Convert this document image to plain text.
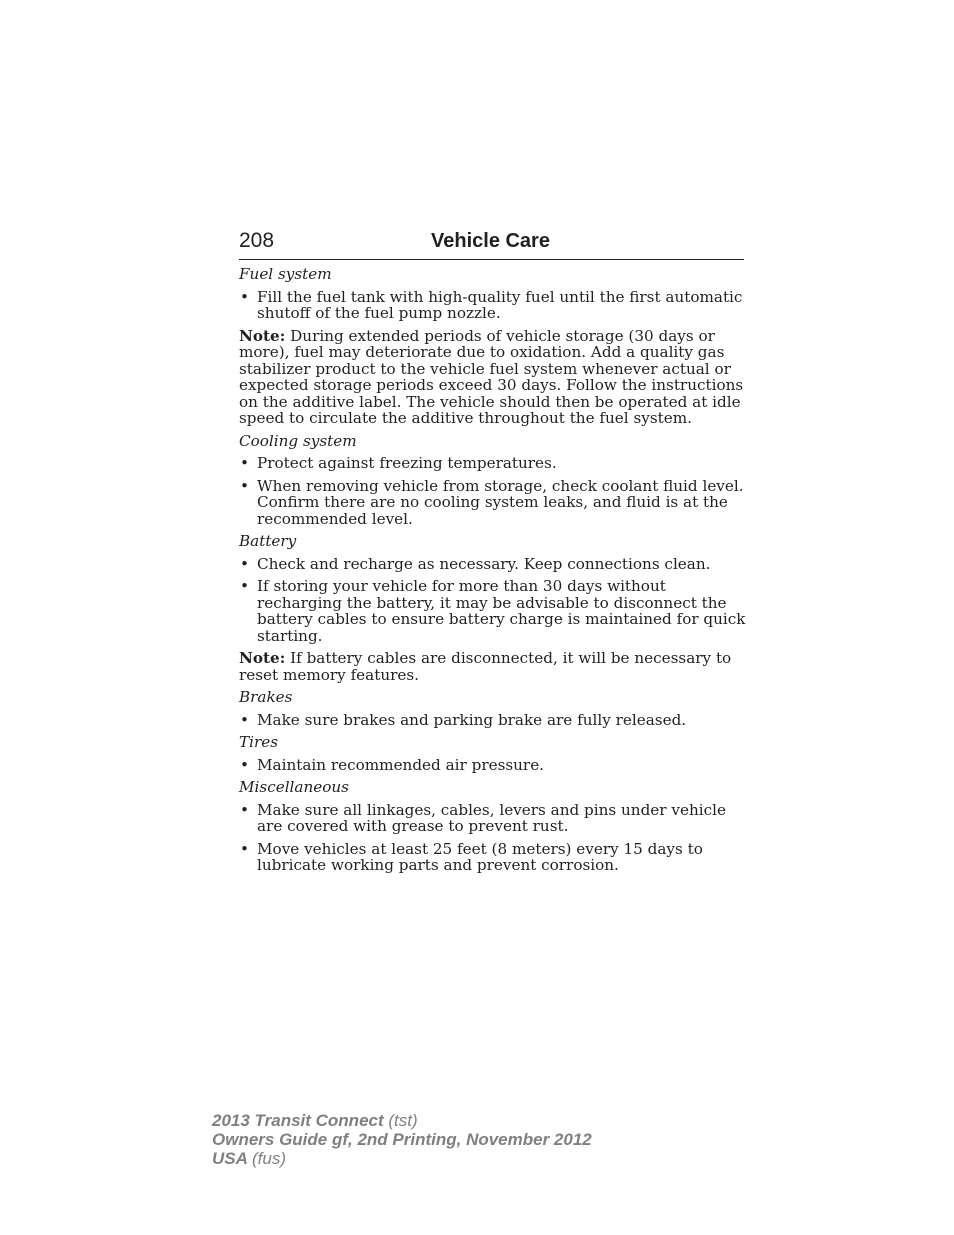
208	Vehicle Care
Fuel system
• Fill the fuel tank with high-quality fuel until the first automatic shutoff of the fuel pump nozzle.
Note: During extended periods of vehicle storage (30 days or more), fuel may deteriorate due to oxidation. Add a quality gas stabilizer product to the vehicle fuel system whenever actual or expected storage periods exceed 30 days. Follow the instructions on the additive label. The vehicle should then be operated at idle speed to circulate the additive throughout the fuel system.
Cooling system
• Protect against freezing temperatures.
• When removing vehicle from storage, check coolant fluid level. Confirm there are no cooling system leaks, and fluid is at the recommended level.
Battery
• Check and recharge as necessary. Keep connections clean.
• If storing your vehicle for more than 30 days without recharging the battery, it may be advisable to disconnect the battery cables to ensure battery charge is maintained for quick starting.
Note: If battery cables are disconnected, it will be necessary to reset memory features.
Brakes
• Make sure brakes and parking brake are fully released.
Tires
• Maintain recommended air pressure.
Miscellaneous
• Make sure all linkages, cables, levers and pins under vehicle are covered with grease to prevent rust.
• Move vehicles at least 25 feet (8 meters) every 15 days to lubricate working parts and prevent corrosion.
2013 Transit Connect (tst)
Owners Guide gf, 2nd Printing, November 2012
USA (fus)
